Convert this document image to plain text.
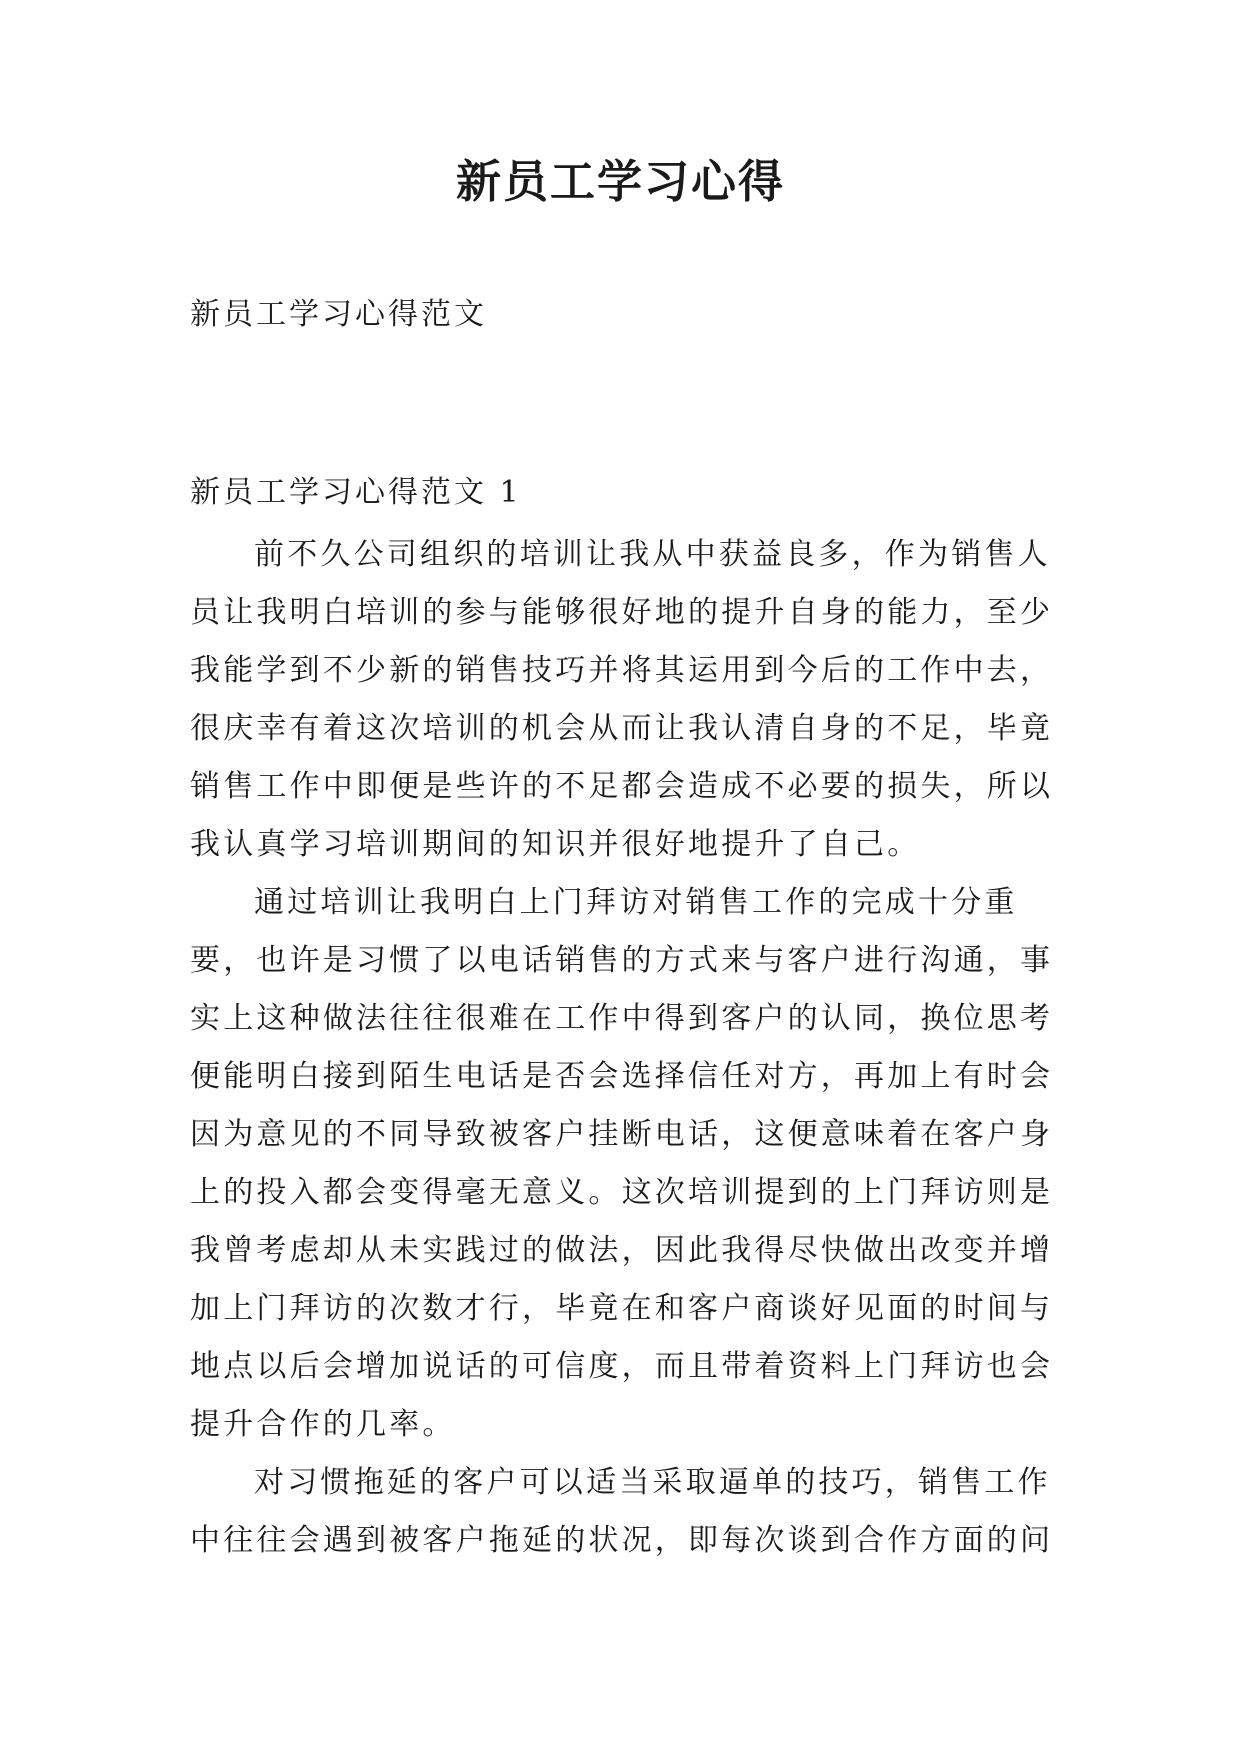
新员工学习心得

新员工学习心得范文

新员工学习心得范文 1

前不久公司组织的培训让我从中获益良多，作为销售人
员让我明白培训的参与能够很好地的提升自身的能力，至少
我能学到不少新的销售技巧并将其运用到今后的工作中去，
很庆幸有着这次培训的机会从而让我认清自身的不足，毕竟
销售工作中即便是些许的不足都会造成不必要的损失，所以
我认真学习培训期间的知识并很好地提升了自己。

通过培训让我明白上门拜访对销售工作的完成十分重
要，也许是习惯了以电话销售的方式来与客户进行沟通，事
实上这种做法往往很难在工作中得到客户的认同，换位思考
便能明白接到陌生电话是否会选择信任对方，再加上有时会
因为意见的不同导致被客户挂断电话，这便意味着在客户身
上的投入都会变得毫无意义。这次培训提到的上门拜访则是
我曾考虑却从未实践过的做法，因此我得尽快做出改变并增
加上门拜访的次数才行，毕竟在和客户商谈好见面的时间与
地点以后会增加说话的可信度，而且带着资料上门拜访也会
提升合作的几率。

对习惯拖延的客户可以适当采取逼单的技巧，销售工作
中往往会遇到被客户拖延的状况，即每次谈到合作方面的问
